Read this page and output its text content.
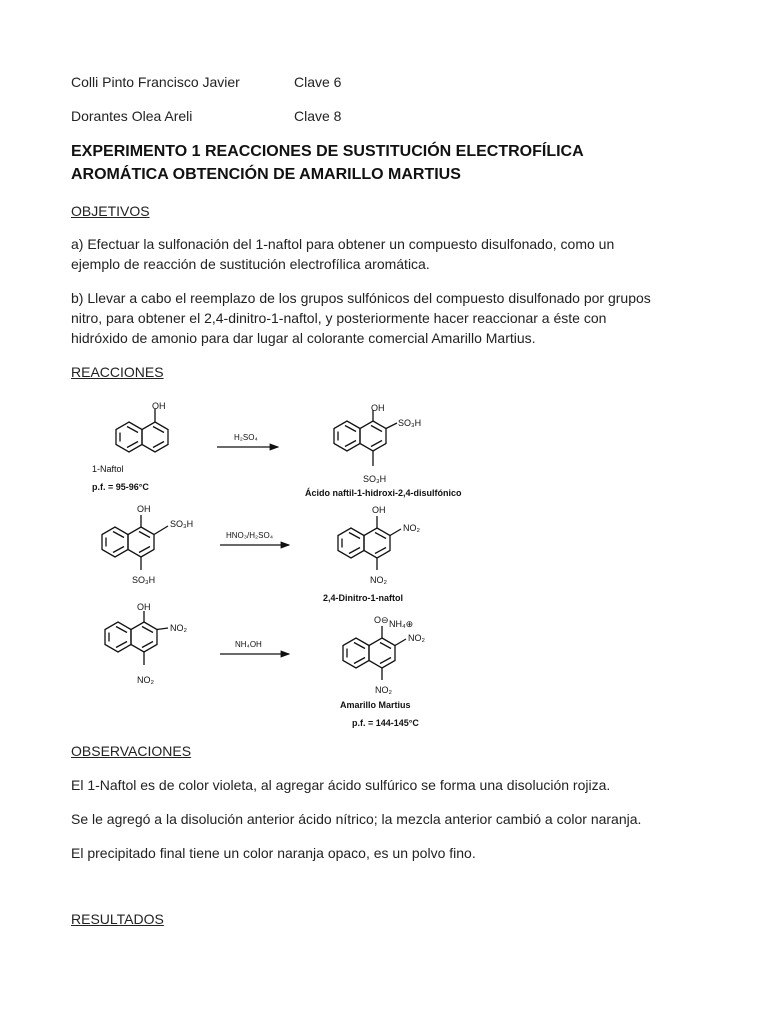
Colli Pinto Francisco Javier	Clave 6
Dorantes Olea Areli	Clave 8
EXPERIMENTO 1 REACCIONES DE SUSTITUCIÓN ELECTROFÍLICA
AROMÁTICA OBTENCIÓN DE AMARILLO MARTIUS
OBJETIVOS
a) Efectuar la sulfonación del 1-naftol para obtener un compuesto disulfonado, como un
ejemplo de reacción de sustitución electrofílica aromática.
b) Llevar a cabo el reemplazo de los grupos sulfónicos del compuesto disulfonado por grupos
nitro, para obtener el 2,4-dinitro-1-naftol, y posteriormente hacer reaccionar a éste con
hidróxido de amonio para dar lugar al colorante comercial Amarillo Martius.
REACCIONES
OH
1-Naftol
p.f. = 95-96°C
H₂SO₄
OH
SO₃H
SO₃H
Ácido naftil-1-hidroxi-2,4-disulfónico
OH
SO₃H
SO₃H
HNO₃/H₂SO₄
OH
NO₂
NO₂
2,4-Dinitro-1-naftol
OH
NO₂
NO₂
NH₄OH
O⊖ NH₄⊕
NO₂
NO₂
Amarillo Martius
p.f. = 144-145°C
OBSERVACIONES
El 1-Naftol es de color violeta, al agregar ácido sulfúrico se forma una disolución rojiza.
Se le agregó a la disolución anterior ácido nítrico; la mezcla anterior cambió a color naranja.
El precipitado final tiene un color naranja opaco, es un polvo fino.
RESULTADOS
